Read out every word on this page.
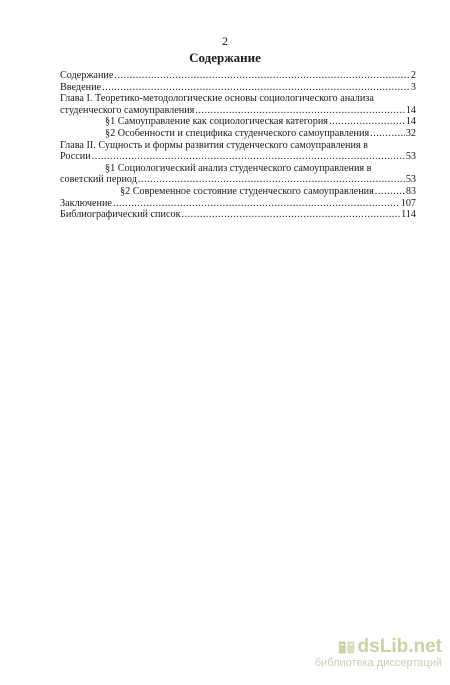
2
Содержание
Содержание .....	2
Введение .....	3
Глава I. Теоретико-методологические основы социологического анализа
студенческого самоуправления .....	14
§1 Самоуправление как социологическая категория .....	14
§2 Особенности и специфика студенческого самоуправления .....	32
Глава II. Сущность и формы развития студенческого самоуправления в
России .....	53
§1 Социологический анализ студенческого самоуправления в
советский период .....	53
§2 Современное состояние студенческого самоуправления .....	83
Заключение .....	107
Библиографический список .....	114
dsLib.net
библиотека диссертаций
